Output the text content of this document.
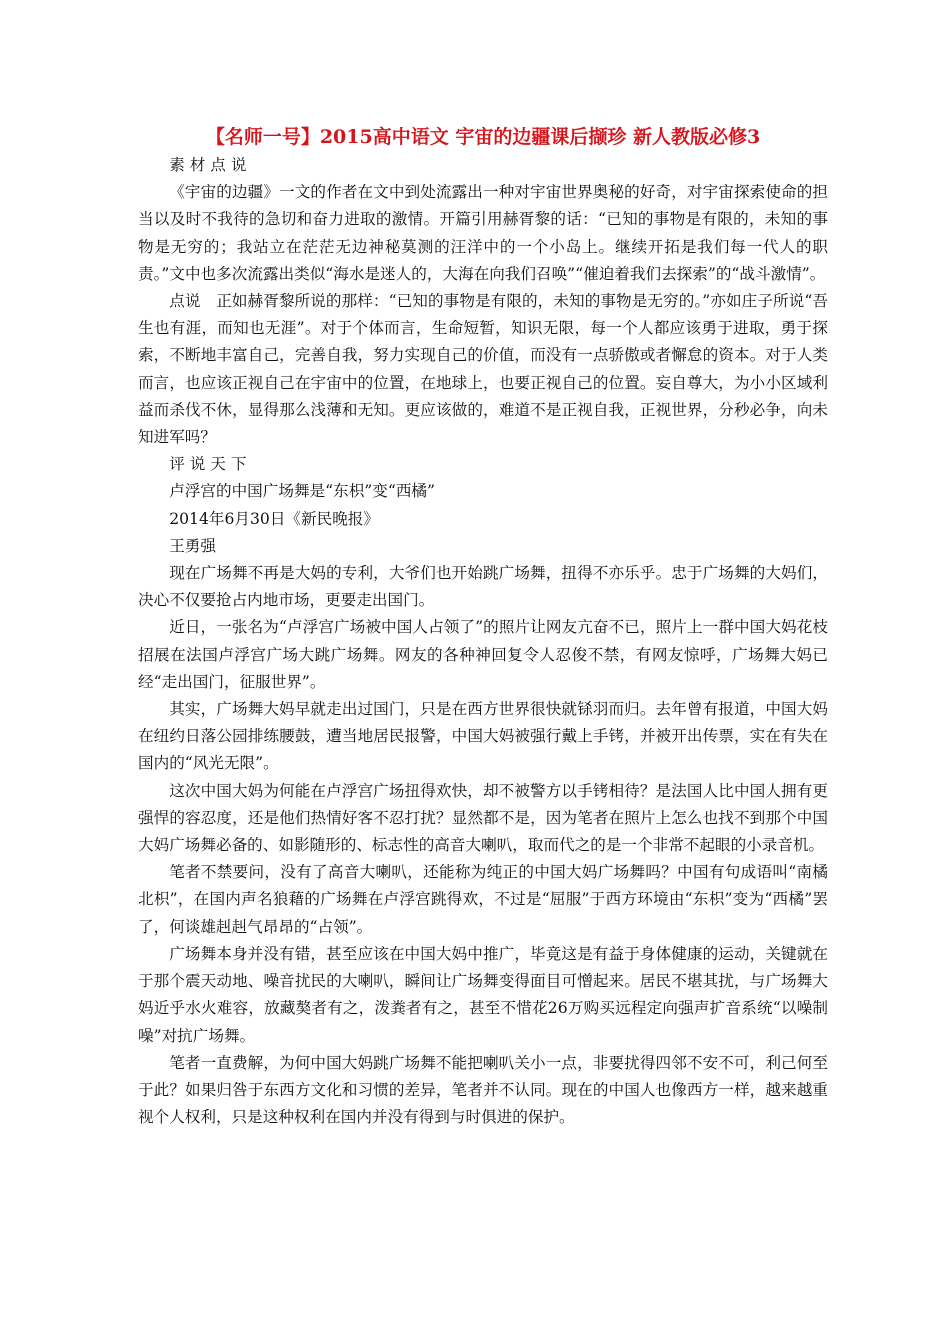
【名师一号】2015高中语文 宇宙的边疆课后撷珍 新人教版必修3

素 材 点 说

《宇宙的边疆》一文的作者在文中到处流露出一种对宇宙世界奥秘的好奇，对宇宙探索使命的担当以及时不我待的急切和奋力进取的激情。开篇引用赫胥黎的话：“已知的事物是有限的，未知的事物是无穷的；我站立在茫茫无边神秘莫测的汪洋中的一个小岛上。继续开拓是我们每一代人的职责。”文中也多次流露出类似“海水是迷人的，大海在向我们召唤”“催迫着我们去探索”的“战斗激情”。

点说　正如赫胥黎所说的那样：“已知的事物是有限的，未知的事物是无穷的。”亦如庄子所说“吾生也有涯，而知也无涯”。对于个体而言，生命短暂，知识无限，每一个人都应该勇于进取，勇于探索，不断地丰富自己，完善自我，努力实现自己的价值，而没有一点骄傲或者懈怠的资本。对于人类而言，也应该正视自己在宇宙中的位置，在地球上，也要正视自己的位置。妄自尊大，为小小区域利益而杀伐不休，显得那么浅薄和无知。更应该做的，难道不是正视自我，正视世界，分秒必争，向未知进军吗？

评 说 天 下

卢浮宫的中国广场舞是“东枳”变“西橘”

2014年6月30日《新民晚报》

王勇强

现在广场舞不再是大妈的专利，大爷们也开始跳广场舞，扭得不亦乐乎。忠于广场舞的大妈们，决心不仅要抢占内地市场，更要走出国门。

近日，一张名为“卢浮宫广场被中国人占领了”的照片让网友亢奋不已，照片上一群中国大妈花枝招展在法国卢浮宫广场大跳广场舞。网友的各种神回复令人忍俊不禁，有网友惊呼，广场舞大妈已经“走出国门，征服世界”。

其实，广场舞大妈早就走出过国门，只是在西方世界很快就铩羽而归。去年曾有报道，中国大妈在纽约日落公园排练腰鼓，遭当地居民报警，中国大妈被强行戴上手铐，并被开出传票，实在有失在国内的“风光无限”。

这次中国大妈为何能在卢浮宫广场扭得欢快，却不被警方以手铐相待？是法国人比中国人拥有更强悍的容忍度，还是他们热情好客不忍打扰？显然都不是，因为笔者在照片上怎么也找不到那个中国大妈广场舞必备的、如影随形的、标志性的高音大喇叭，取而代之的是一个非常不起眼的小录音机。

笔者不禁要问，没有了高音大喇叭，还能称为纯正的中国大妈广场舞吗？中国有句成语叫“南橘北枳”，在国内声名狼藉的广场舞在卢浮宫跳得欢，不过是“屈服”于西方环境由“东枳”变为“西橘”罢了，何谈雄赳赳气昂昂的“占领”。

广场舞本身并没有错，甚至应该在中国大妈中推广，毕竟这是有益于身体健康的运动，关键就在于那个震天动地、噪音扰民的大喇叭，瞬间让广场舞变得面目可憎起来。居民不堪其扰，与广场舞大妈近乎水火难容，放藏獒者有之，泼粪者有之，甚至不惜花26万购买远程定向强声扩音系统“以噪制噪”对抗广场舞。

笔者一直费解，为何中国大妈跳广场舞不能把喇叭关小一点，非要扰得四邻不安不可，利己何至于此？如果归咎于东西方文化和习惯的差异，笔者并不认同。现在的中国人也像西方一样，越来越重视个人权利，只是这种权利在国内并没有得到与时俱进的保护。
